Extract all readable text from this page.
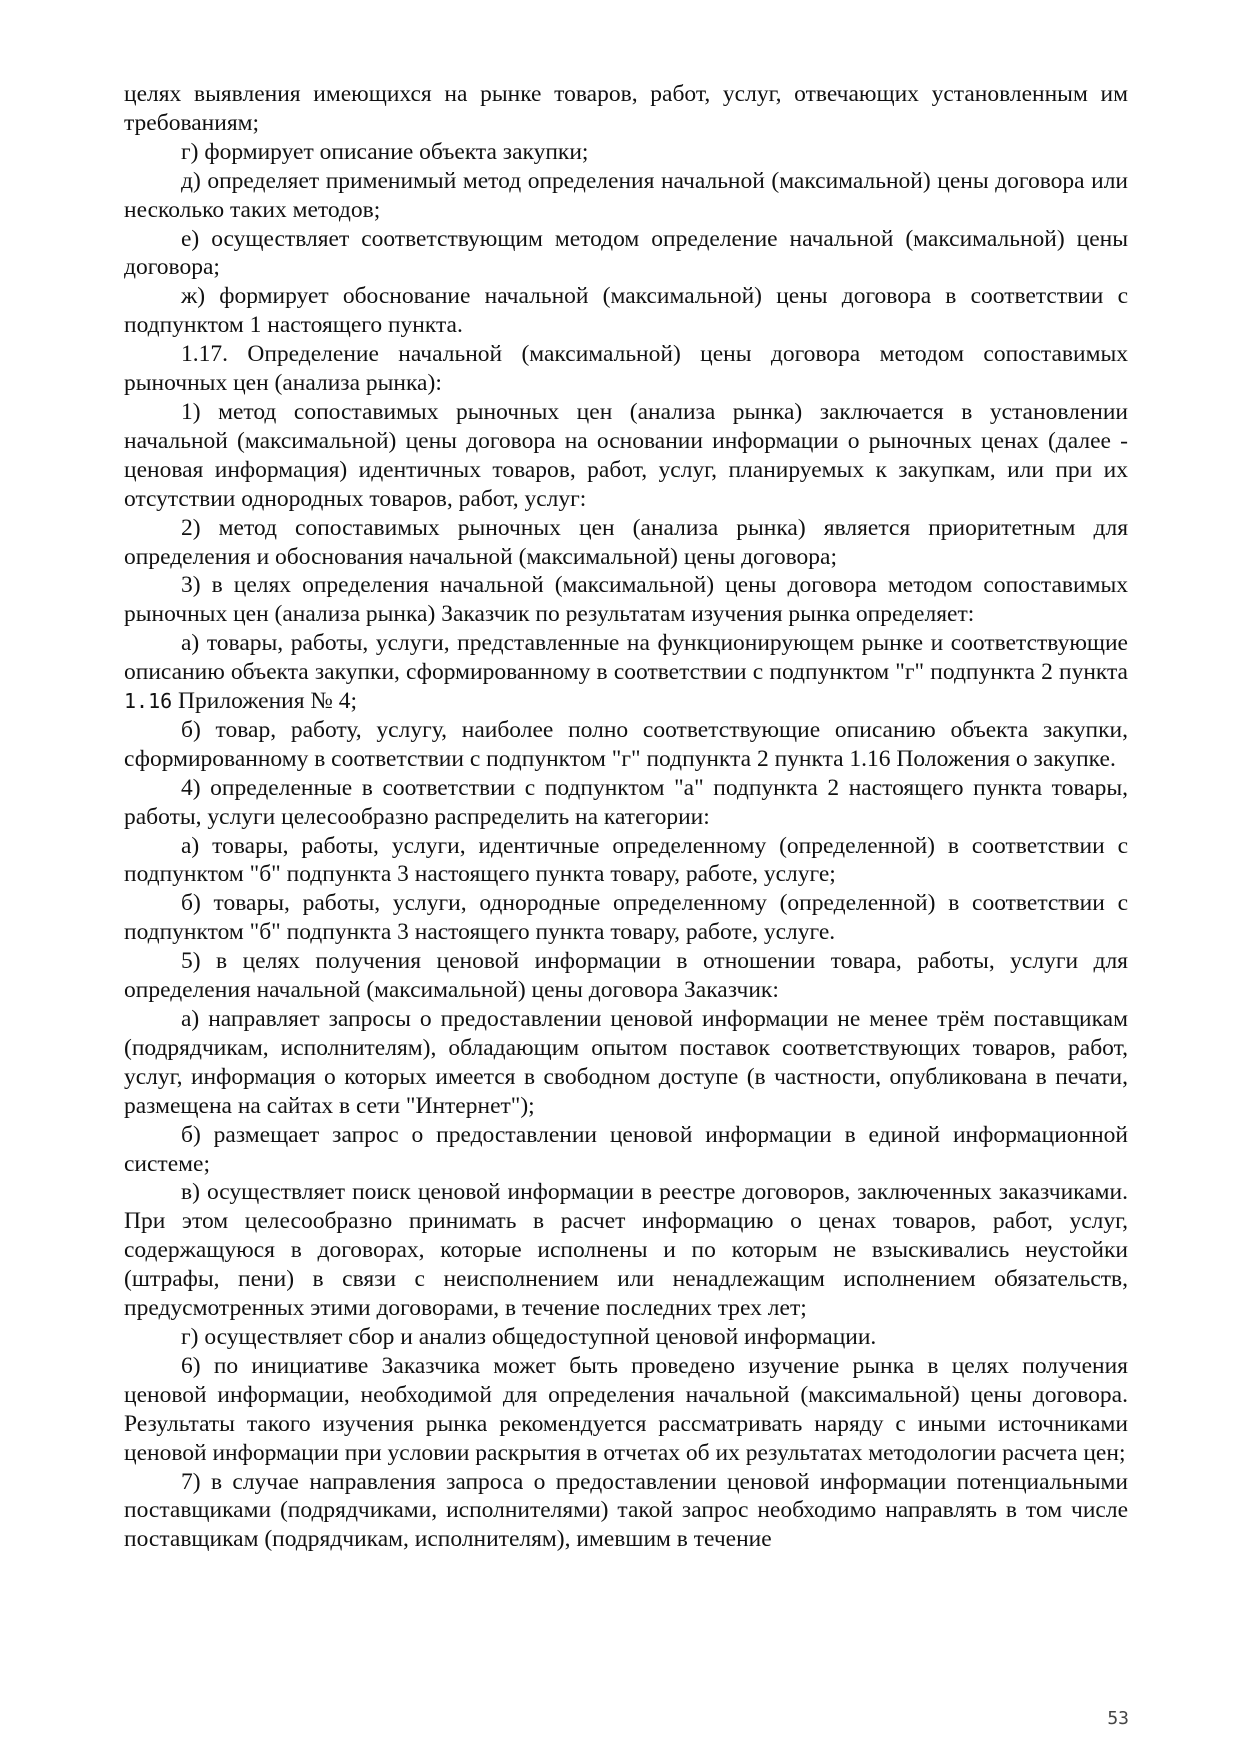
целях выявления имеющихся на рынке товаров, работ, услуг, отвечающих установленным им требованиям;

г) формирует описание объекта закупки;

д) определяет применимый метод определения начальной (максимальной) цены договора или несколько таких методов;

е) осуществляет соответствующим методом определение начальной (максимальной) цены договора;

ж) формирует обоснование начальной (максимальной) цены договора в соответствии с подпунктом 1 настоящего пункта.

1.17. Определение начальной (максимальной) цены договора методом сопоставимых рыночных цен (анализа рынка):

1) метод сопоставимых рыночных цен (анализа рынка) заключается в установлении начальной (максимальной) цены договора на основании информации о рыночных ценах (далее - ценовая информация) идентичных товаров, работ, услуг, планируемых к закупкам, или при их отсутствии однородных товаров, работ, услуг:

2) метод сопоставимых рыночных цен (анализа рынка) является приоритетным для определения и обоснования начальной (максимальной) цены договора;

3) в целях определения начальной (максимальной) цены договора методом сопоставимых рыночных цен (анализа рынка) Заказчик по результатам изучения рынка определяет:

а) товары, работы, услуги, представленные на функционирующем рынке и соответствующие описанию объекта закупки, сформированному в соответствии с подпунктом "г" подпункта 2 пункта 1.16 Приложения № 4;

б) товар, работу, услугу, наиболее полно соответствующие описанию объекта закупки, сформированному в соответствии с подпунктом "г" подпункта 2 пункта 1.16 Положения о закупке.

4) определенные в соответствии с подпунктом "а" подпункта 2 настоящего пункта товары, работы, услуги целесообразно распределить на категории:

а) товары, работы, услуги, идентичные определенному (определенной) в соответствии с подпунктом "б" подпункта 3 настоящего пункта товару, работе, услуге;

б) товары, работы, услуги, однородные определенному (определенной) в соответствии с подпунктом "б" подпункта 3 настоящего пункта товару, работе, услуге.

5) в целях получения ценовой информации в отношении товара, работы, услуги для определения начальной (максимальной) цены договора Заказчик:

а) направляет запросы о предоставлении ценовой информации не менее трём поставщикам (подрядчикам, исполнителям), обладающим опытом поставок соответствующих товаров, работ, услуг, информация о которых имеется в свободном доступе (в частности, опубликована в печати, размещена на сайтах в сети "Интернет");

б) размещает запрос о предоставлении ценовой информации в единой информационной системе;

в) осуществляет поиск ценовой информации в реестре договоров, заключенных заказчиками. При этом целесообразно принимать в расчет информацию о ценах товаров, работ, услуг, содержащуюся в договорах, которые исполнены и по которым не взыскивались неустойки (штрафы, пени) в связи с неисполнением или ненадлежащим исполнением обязательств, предусмотренных этими договорами, в течение последних трех лет;

г) осуществляет сбор и анализ общедоступной ценовой информации.

6) по инициативе Заказчика может быть проведено изучение рынка в целях получения ценовой информации, необходимой для определения начальной (максимальной) цены договора. Результаты такого изучения рынка рекомендуется рассматривать наряду с иными источниками ценовой информации при условии раскрытия в отчетах об их результатах методологии расчета цен;

7) в случае направления запроса о предоставлении ценовой информации потенциальными поставщиками (подрядчиками, исполнителями) такой запрос необходимо направлять в том числе поставщикам (подрядчикам, исполнителям), имевшим в течение

53
